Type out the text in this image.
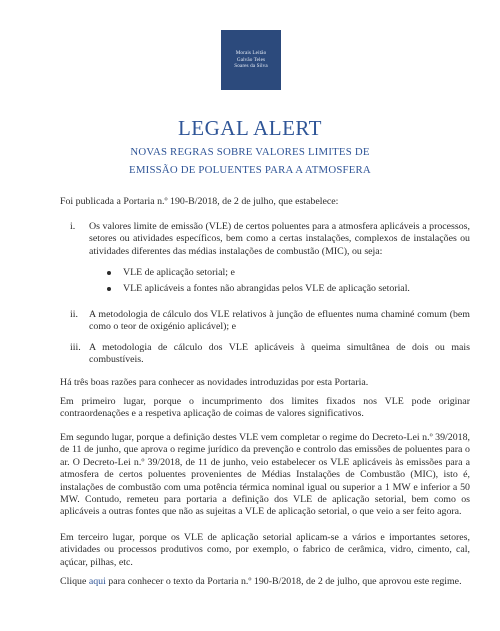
Morais Leitão
Galvão Teles
Soares da Silva
LEGAL ALERT
NOVAS REGRAS SOBRE VALORES LIMITES DE
EMISSÃO DE POLUENTES PARA A ATMOSFERA

Foi publicada a Portaria n.º 190-B/2018, de 2 de julho, que estabelece:

i. Os valores limite de emissão (VLE) de certos poluentes para a atmosfera aplicáveis a processos, setores ou atividades específicos, bem como a certas instalações, complexos de instalações ou atividades diferentes das médias instalações de combustão (MIC), ou seja:

VLE de aplicação setorial; e
VLE aplicáveis a fontes não abrangidas pelos VLE de aplicação setorial.
ii. A metodologia de cálculo dos VLE relativos à junção de efluentes numa chaminé comum (bem como o teor de oxigénio aplicável); e

iii. A metodologia de cálculo dos VLE aplicáveis à queima simultânea de dois ou mais combustíveis.

Há três boas razões para conhecer as novidades introduzidas por esta Portaria.

Em primeiro lugar, porque o incumprimento dos limites fixados nos VLE pode originar contraordenações e a respetiva aplicação de coimas de valores significativos.

Em segundo lugar, porque a definição destes VLE vem completar o regime do Decreto-Lei n.º 39/2018, de 11 de junho, que aprova o regime jurídico da prevenção e controlo das emissões de poluentes para o ar. O Decreto-Lei n.º 39/2018, de 11 de junho, veio estabelecer os VLE aplicáveis às emissões para a atmosfera de certos poluentes provenientes de Médias Instalações de Combustão (MIC), isto é, instalações de combustão com uma potência térmica nominal igual ou superior a 1 MW e inferior a 50 MW. Contudo, remeteu para portaria a definição dos VLE de aplicação setorial, bem como os aplicáveis a outras fontes que não as sujeitas a VLE de aplicação setorial, o que veio a ser feito agora.

Em terceiro lugar, porque os VLE de aplicação setorial aplicam-se a vários e importantes setores, atividades ou processos produtivos como, por exemplo, o fabrico de cerâmica, vidro, cimento, cal, açúcar, pilhas, etc.

Clique aqui para conhecer o texto da Portaria n.º 190-B/2018, de 2 de julho, que aprovou este regime.
